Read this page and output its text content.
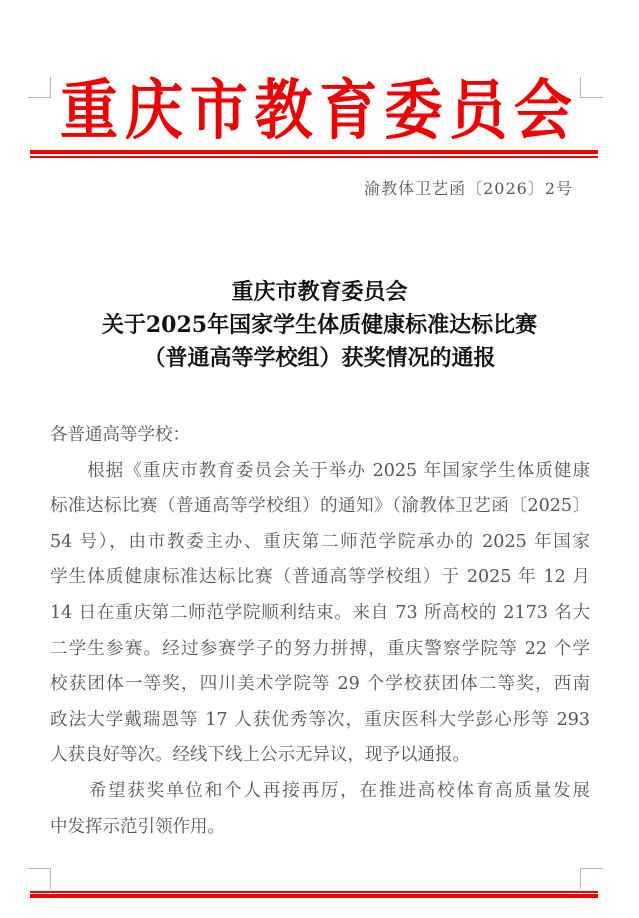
重 庆 市 教 育 委 员 会
渝教体卫艺函〔2026〕2号
重庆市教育委员会
关于2025年国家学生体质健康标准达标比赛
（普通高等学校组）获奖情况的通报
各普通高等学校：
　　根据《重庆市教育委员会关于举办 2025 年国家学生体质健康
标准达标比赛（普通高等学校组）的通知》（渝教体卫艺函〔2025〕
54 号），由市教委主办、重庆第二师范学院承办的 2025 年国家
学生体质健康标准达标比赛（普通高等学校组）于 2025 年 12 月
14 日在重庆第二师范学院顺利结束。来自 73 所高校的 2173 名大
二学生参赛。经过参赛学子的努力拼搏，重庆警察学院等 22 个学
校获团体一等奖，四川美术学院等 29 个学校获团体二等奖，西南
政法大学戴瑞恩等 17 人获优秀等次，重庆医科大学彭心彤等 293
人获良好等次。经线下线上公示无异议，现予以通报。
　　希望获奖单位和个人再接再厉，在推进高校体育高质量发展
中发挥示范引领作用。
